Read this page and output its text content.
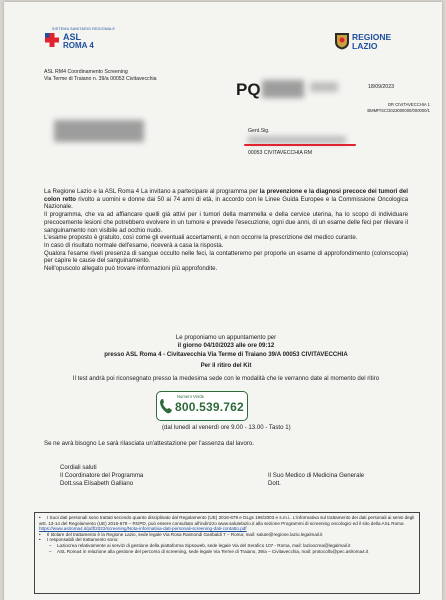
SISTEMA SANITARIO REGIONALE
ASL
ROMA 4
REGIONE
LAZIO
ASL RM4 Coordinamento Screening
Via Terme di Traiano n. 39/a 00053 Civitavecchia
PQ	18/09/2023
DR CIVITAVECCHIA 1
BMMP/SC/2023000000/000000/1
Gent.Sig.
00053 CIVITAVECCHIA RM
La Regione Lazio e la ASL Roma 4 La invitano a partecipare al programma per la prevenzione e la diagnosi precoce dei tumori del colon retto rivolto a uomini e donne dai 50 ai 74 anni di età, in accordo con le Linee Guida Europee e la Commissione Oncologica Nazionale.
Il programma, che va ad affiancare quelli già attivi per i tumori della mammella e della cervice uterina, ha lo scopo di individuare precocemente lesioni che potrebbero evolvere in un tumore e prevede l'esecuzione, ogni due anni, di un esame delle feci per rilevare il sanguinamento non visibile ad occhio nudo.
L'esame proposto è gratuito, così come gli eventuali accertamenti, e non occorre la prescrizione del medico curante.
In caso di risultato normale dell'esame, riceverà a casa la risposta.
Qualora l'esame riveli presenza di sangue occulto nelle feci, la contatteremo per proporle un esame di approfondimento (colonscopia) per capire le cause del sanguinamento.
Nell'opuscolo allegato può trovare informazioni più approfondite.
Le proponiamo un appuntamento per
il giorno 04/10/2023 alle ore 09:12
presso ASL Roma 4 - Civitavecchia Via Terme di Traiano 39/A 00053 CIVITAVECCHIA
Per il ritiro del Kit
Il test andrà poi riconsegnato presso la medesima sede con le modalità che le verranno date al momento del ritiro
Numero Verde
800.539.762
(dal lunedì al venerdì ore 9.00 - 13.00 - Tasto 1)
Se ne avrà bisogno Le sarà rilasciata un'attestazione per l'assenza dal lavoro.
Cordiali saluti
Il Coordinatore del Programma
Dott.ssa Elisabeth Galliano
Il Suo Medico di Medicina Generale
Dott.
• I Suoi dati personali sono trattati secondo quanto disciplinato dal Regolamento (UE) 2016-679 e DLgs 196/2003 e s.m.i.. L'informativa sul trattamento dei dati personali ai sensi degli artt. 13-14 del Regolamento (UE) 2016-679 – RGPD, può essere consultato all'indirizzo www.salutelazio.it alla sezione Programmi di screening oncologici ed il sito della ASL Roma https://www.aslroma4.it/pdf/2022/screening/Nota-informativa-dati-personali-screening-dati-contatto.pdf
• Il titolare del trattamento è la Regione Lazio, sede legale Via Rosa Raimondi Garibaldi 7 – Roma; mail: salute@regione.lazio.legalmail.it
• I responsabili del trattamento sono:
– Laziocrea relativamente ai servizi di gestione della piattaforma Sipsoweb, sede legale Via del Serafico 107 - Roma, mail: lazioocrea@legalmail.it
– ASL Roma4 in relazione alla gestione del percorso di screening, sede legale Via Terme di Traiano, 39/a – Civitavecchia, mail: protocollo@pec.aslroma4.it
